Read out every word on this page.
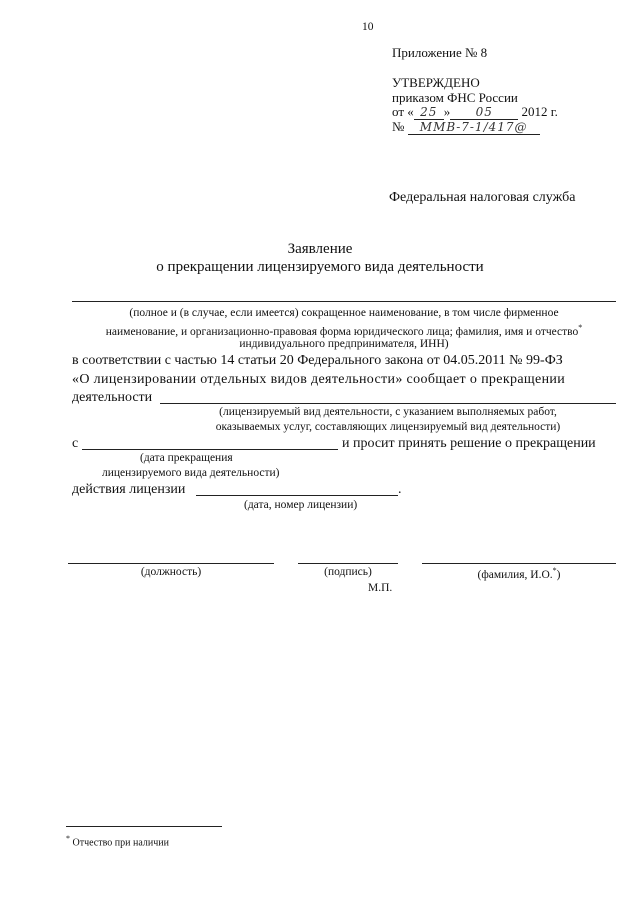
10
Приложение № 8
УТВЕРЖДЕНО
приказом ФНС России
от « 25 » 05 2012 г.
№ ММВ-7-1/417@
Федеральная налоговая служба
Заявление
о прекращении лицензируемого вида деятельности
(полное и (в случае, если имеется) сокращенное наименование, в том числе фирменное
наименование, и организационно-правовая форма юридического лица; фамилия, имя и отчество*
индивидуального предпринимателя, ИНН)
в соответствии с частью 14 статьи 20 Федерального закона от 04.05.2011 № 99-ФЗ
«О лицензировании отдельных видов деятельности» сообщает о прекращении
деятельности
(лицензируемый вид деятельности, с указанием выполняемых работ,
оказываемых услуг, составляющих лицензируемый вид деятельности)
с	и просит принять решение о прекращении
(дата прекращения
лицензируемого вида деятельности)
действия лицензии	.
(дата, номер лицензии)
(должность)	(подпись)	(фамилия, И.О.*)
М.П.
* Отчество при наличии
